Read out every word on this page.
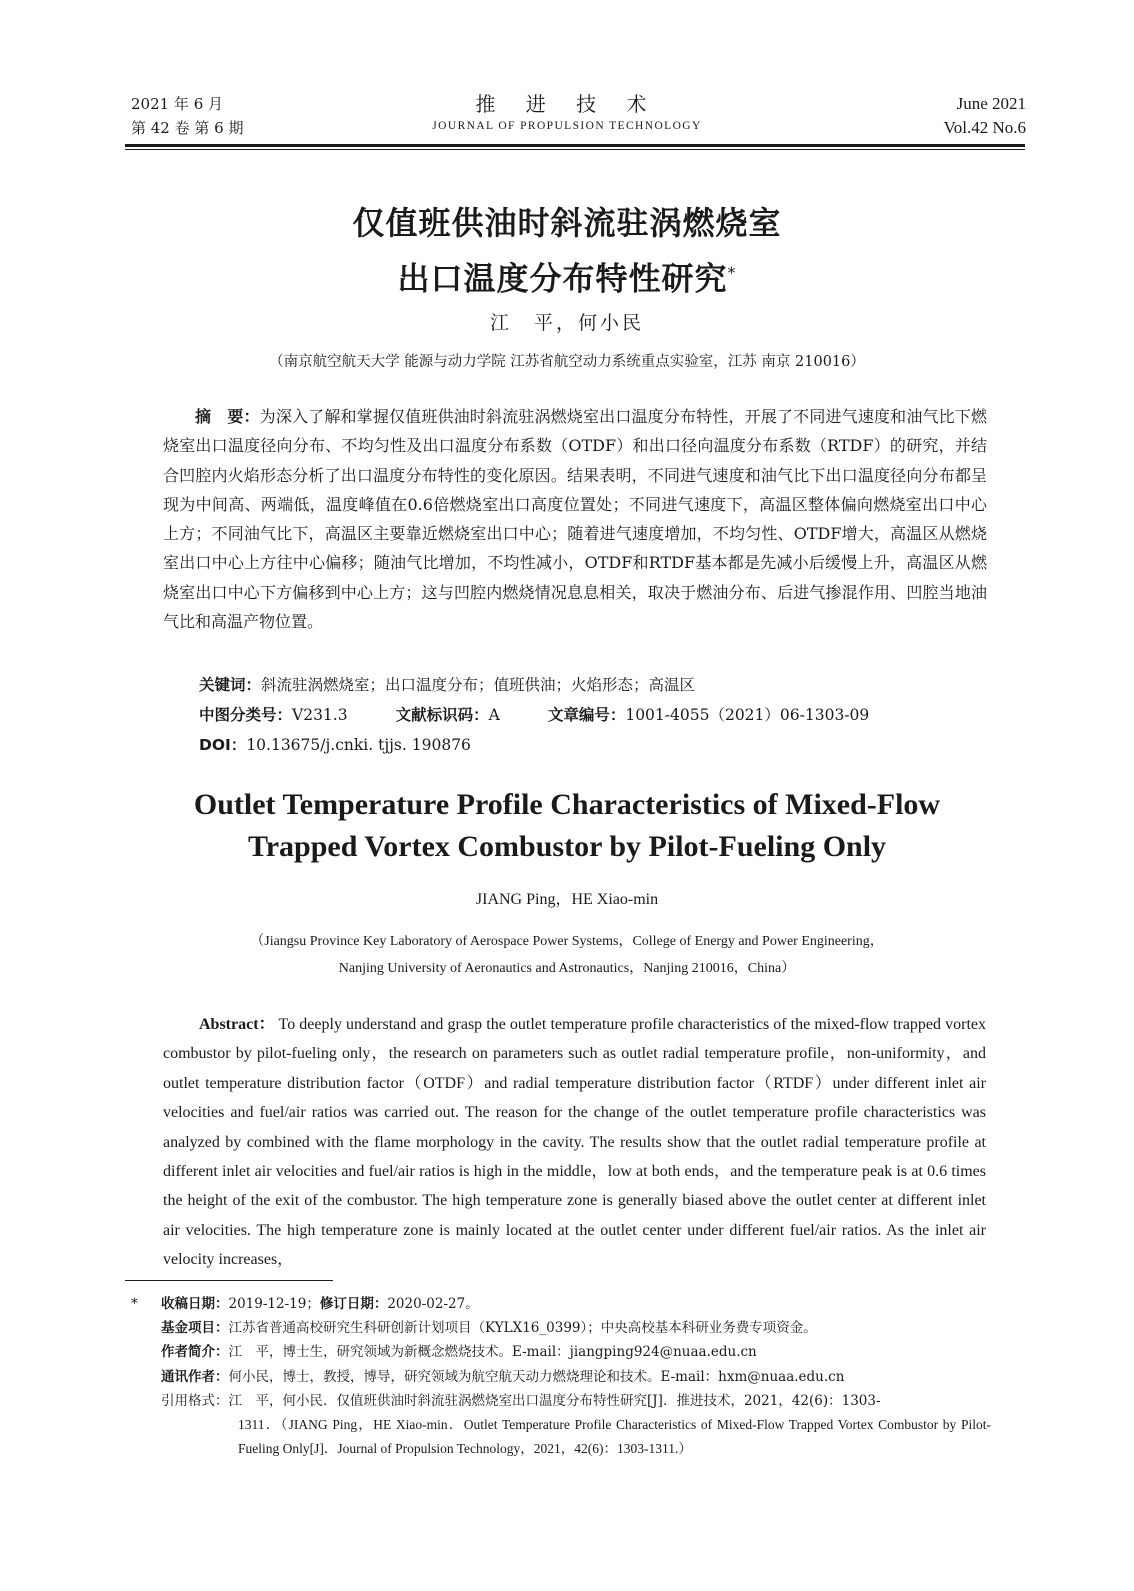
2021 年 6 月
第 42 卷 第 6 期
推 进 技 术
JOURNAL OF PROPULSION TECHNOLOGY
June 2021
Vol.42 No.6
仅值班供油时斜流驻涡燃烧室
出口温度分布特性研究*
江　平，何小民
（南京航空航天大学 能源与动力学院 江苏省航空动力系统重点实验室，江苏 南京 210016）

摘　要：为深入了解和掌握仅值班供油时斜流驻涡燃烧室出口温度分布特性，开展了不同进气速度和油气比下燃烧室出口温度径向分布、不均匀性及出口温度分布系数（OTDF）和出口径向温度分布系数（RTDF）的研究，并结合凹腔内火焰形态分析了出口温度分布特性的变化原因。结果表明，不同进气速度和油气比下出口温度径向分布都呈现为中间高、两端低，温度峰值在0.6倍燃烧室出口高度位置处；不同进气速度下，高温区整体偏向燃烧室出口中心上方；不同油气比下，高温区主要靠近燃烧室出口中心；随着进气速度增加，不均匀性、OTDF增大，高温区从燃烧室出口中心上方往中心偏移；随油气比增加，不均性减小，OTDF和RTDF基本都是先减小后缓慢上升，高温区从燃烧室出口中心下方偏移到中心上方；这与凹腔内燃烧情况息息相关，取决于燃油分布、后进气掺混作用、凹腔当地油气比和高温产物位置。

关键词：斜流驻涡燃烧室；出口温度分布；值班供油；火焰形态；高温区
中图分类号：V231.3	文献标识码：A	文章编号：1001-4055（2021）06-1303-09
DOI：10.13675/j.cnki. tjjs. 190876
Outlet Temperature Profile Characteristics of Mixed-Flow
Trapped Vortex Combustor by Pilot-Fueling Only
JIANG Ping，HE Xiao-min
（Jiangsu Province Key Laboratory of Aerospace Power Systems，College of Energy and Power Engineering，
Nanjing University of Aeronautics and Astronautics，Nanjing 210016，China）

Abstract： To deeply understand and grasp the outlet temperature profile characteristics of the mixed-flow trapped vortex combustor by pilot-fueling only，the research on parameters such as outlet radial temperature profile，non-uniformity，and outlet temperature distribution factor（OTDF）and radial temperature distribution factor（RTDF）under different inlet air velocities and fuel/air ratios was carried out. The reason for the change of the outlet temperature profile characteristics was analyzed by combined with the flame morphology in the cavity. The results show that the outlet radial temperature profile at different inlet air velocities and fuel/air ratios is high in the middle，low at both ends，and the temperature peak is at 0.6 times the height of the exit of the combustor. The high temperature zone is generally biased above the outlet center at different inlet air velocities. The high temperature zone is mainly located at the outlet center under different fuel/air ratios. As the inlet air velocity increases，

* 收稿日期：2019-12-19；修订日期：2020-02-27。
基金项目：江苏省普通高校研究生科研创新计划项目（KYLX16_0399）；中央高校基本科研业务费专项资金。
作者简介：江　平，博士生，研究领域为新概念燃烧技术。E-mail：jiangping924@nuaa.edu.cn
通讯作者：何小民，博士，教授，博导，研究领域为航空航天动力燃烧理论和技术。E-mail：hxm@nuaa.edu.cn
引用格式：江　平，何小民．仅值班供油时斜流驻涡燃烧室出口温度分布特性研究[J]．推进技术，2021，42(6)：1303-
1311．（JIANG Ping，HE Xiao-min．Outlet Temperature Profile Characteristics of Mixed-Flow Trapped Vortex Combustor by Pilot-Fueling Only[J]．Journal of Propulsion Technology，2021，42(6)：1303-1311.）
